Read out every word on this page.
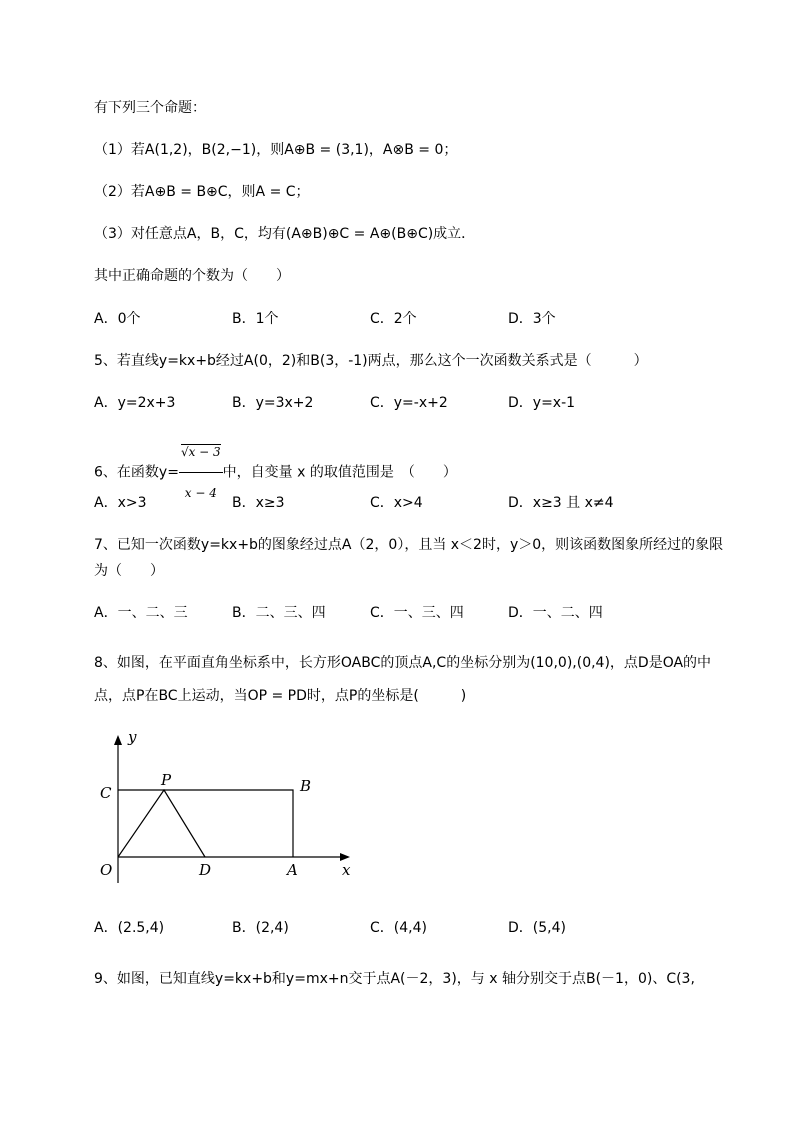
有下列三个命题：
（1）若A(1,2)，B(2,−1)，则A⊕B = (3,1)，A⊗B = 0；
（2）若A⊕B = B⊕C，则A = C；
（3）对任意点A，B，C，均有(A⊕B)⊕C = A⊕(B⊕C)成立．
其中正确命题的个数为（　　）
A．0个	B．1个	C．2个	D．3个
5、若直线y=kx+b经过A(0，2)和B(3，-1)两点，那么这个一次函数关系式是（　　　）
A．y=2x+3	B．y=3x+2	C．y=-x+2	D．y=x-1
6、在函数$y= \frac{√x - 3}{x - 4}$ 中，自变量 x 的取值范围是　（　　）
A．x>3	B．x≥3	C．x>4	D．x≥3 且 x≠4
7、已知一次函数y=kx+b的图象经过点A（2，0），且当 x＜2时，y＞0，则该函数图象所经过的象限
为（　　）
A．一、二、三	B．二、三、四	C．一、三、四	D．一、二、四
8、如图，在平面直角坐标系中，长方形OABC的顶点A,C的坐标分别为(10,0),(0,4)，点D是OA的中
点，点P在BC上运动，当OP = PD时，点P的坐标是(　　　)
y
x
O	A
B
C
D
P
A．(2.5,4)	B．(2,4)	C．(4,4)	D．(5,4)
9、如图，已知直线y=kx+b和y=mx+n交于点A(－2，3)，与 x 轴分别交于点B(－1，0)、C(3,
